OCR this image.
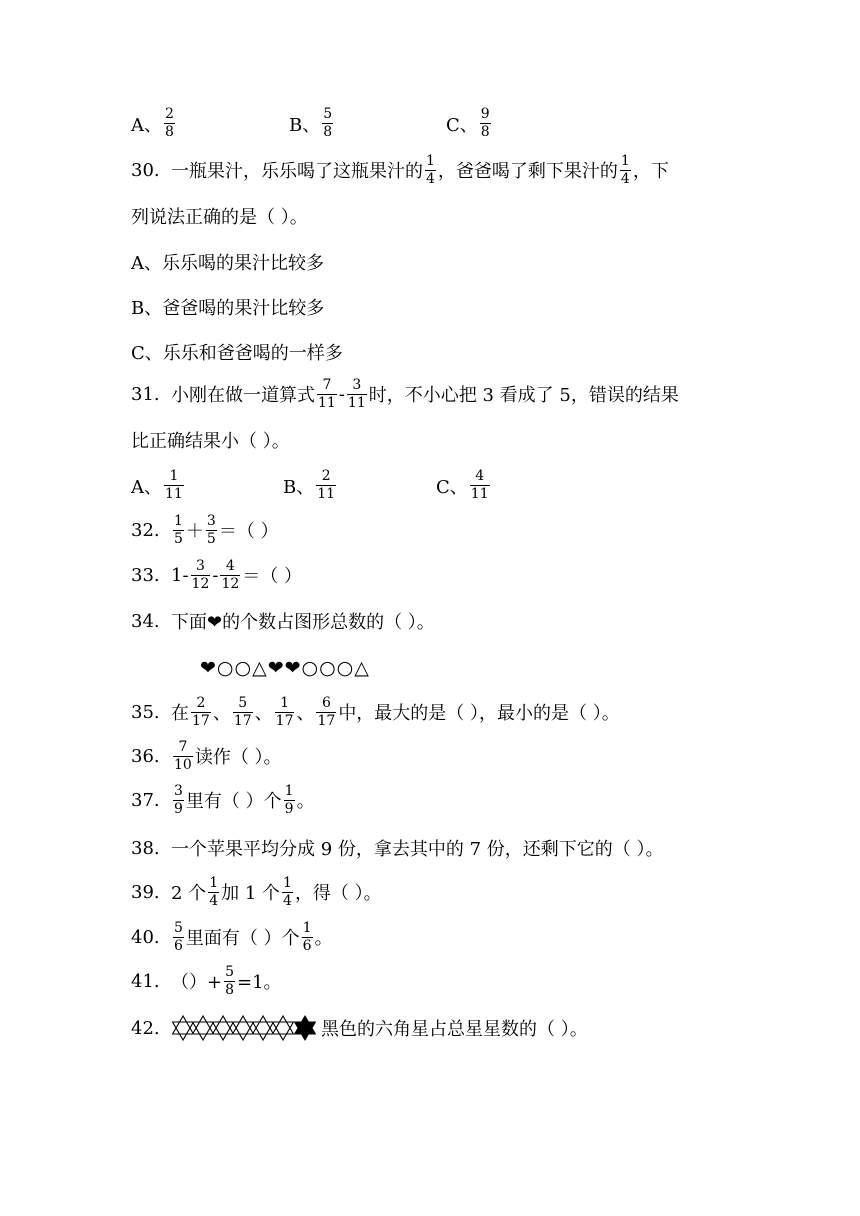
A、 $\frac{2}{8}$	B、 $\frac{5}{8}$	C、 $\frac{9}{8}$
30. 一瓶果汁，乐乐喝了这瓶果汁的 $\frac{1}{4}$ ，爸爸喝了剩下果汁的 $\frac{1}{4}$ ，下
列说法正确的是（ ）。
A、乐乐喝的果汁比较多
B、爸爸喝的果汁比较多
C、乐乐和爸爸喝的一样多
31. 小刚在做一道算式 $\frac{7}{11} - \frac{3}{11}$ 时，不小心把 3 看成了 5，错误的结果
比正确结果小（ ）。
A、 $\frac{1}{11}$	B、 $\frac{2}{11}$	C、 $\frac{4}{11}$
32. $\frac{1}{5} + \frac{3}{5}$ ＝（ ）
33. $1- \frac{3}{12} - \frac{4}{12}$ ＝（ ）
34. 下面❤的个数占图形总数的（ ）。
❤○○△❤❤○○○△
35. 在 $\frac{2}{17}$ 、 $\frac{5}{17}$ 、 $\frac{1}{17}$ 、 $\frac{6}{17}$ 中，最大的是（ ），最小的是（ ）。
36. $\frac{7}{10}$ 读作（ ）。
37. $\frac{3}{9}$ 里有（ ）个 $\frac{1}{9}$ 。
38. 一个苹果平均分成 9 份，拿去其中的 7 份，还剩下它的（ ）。
39. 2 个 $\frac{1}{4}$ 加 1 个 $\frac{1}{4}$ ，得（ ）。
40. $\frac{5}{6}$ 里面有（ ）个 $\frac{1}{6}$ 。
41. （）+ $\frac{5}{8} =1$。
42.	黑色的六角星占总星星数的（ ）。
